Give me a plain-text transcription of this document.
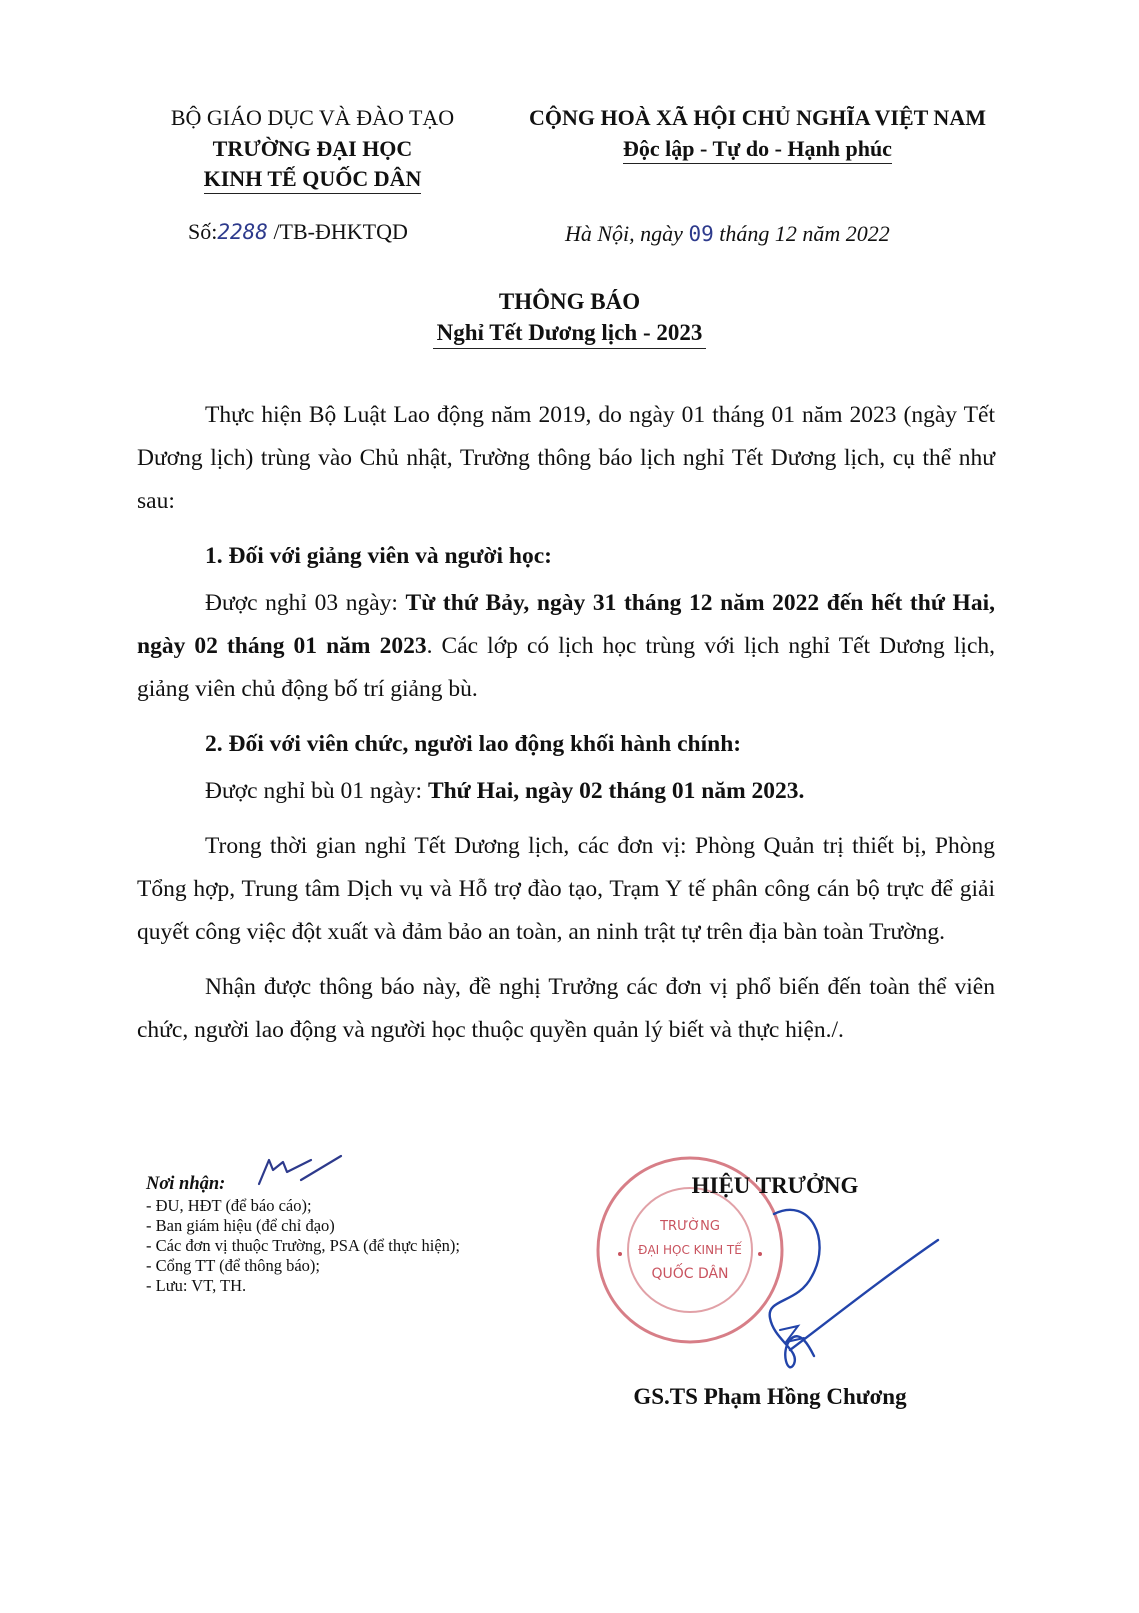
BỘ GIÁO DỤC VÀ ĐÀO TẠO
TRƯỜNG ĐẠI HỌC
KINH TẾ QUỐC DÂN
CỘNG HOÀ XÃ HỘI CHỦ NGHĨA VIỆT NAM
Độc lập - Tự do - Hạnh phúc
Số:2288 /TB-ĐHKTQD	Hà Nội, ngày 09 tháng 12 năm 2022
THÔNG BÁO
Nghỉ Tết Dương lịch - 2023

Thực hiện Bộ Luật Lao động năm 2019, do ngày 01 tháng 01 năm 2023 (ngày Tết Dương lịch) trùng vào Chủ nhật, Trường thông báo lịch nghỉ Tết Dương lịch, cụ thể như sau:

1. Đối với giảng viên và người học:

Được nghỉ 03 ngày: Từ thứ Bảy, ngày 31 tháng 12 năm 2022 đến hết thứ Hai, ngày 02 tháng 01 năm 2023. Các lớp có lịch học trùng với lịch nghỉ Tết Dương lịch, giảng viên chủ động bố trí giảng bù.

2. Đối với viên chức, người lao động khối hành chính:

Được nghỉ bù 01 ngày: Thứ Hai, ngày 02 tháng 01 năm 2023.

Trong thời gian nghỉ Tết Dương lịch, các đơn vị: Phòng Quản trị thiết bị, Phòng Tổng hợp, Trung tâm Dịch vụ và Hỗ trợ đào tạo, Trạm Y tế phân công cán bộ trực để giải quyết công việc đột xuất và đảm bảo an toàn, an ninh trật tự trên địa bàn toàn Trường.

Nhận được thông báo này, đề nghị Trưởng các đơn vị phổ biến đến toàn thể viên chức, người lao động và người học thuộc quyền quản lý biết và thực hiện./.

Nơi nhận:
- ĐU, HĐT (để báo cáo);
- Ban giám hiệu (để chỉ đạo)
- Các đơn vị thuộc Trường, PSA (để thực hiện);
- Cổng TT (để thông báo);
- Lưu: VT, TH.
TRƯỜNG
ĐẠI HỌC KINH TẾ
QUỐC DÂN
HIỆU TRƯỞNG
GS.TS Phạm Hồng Chương
